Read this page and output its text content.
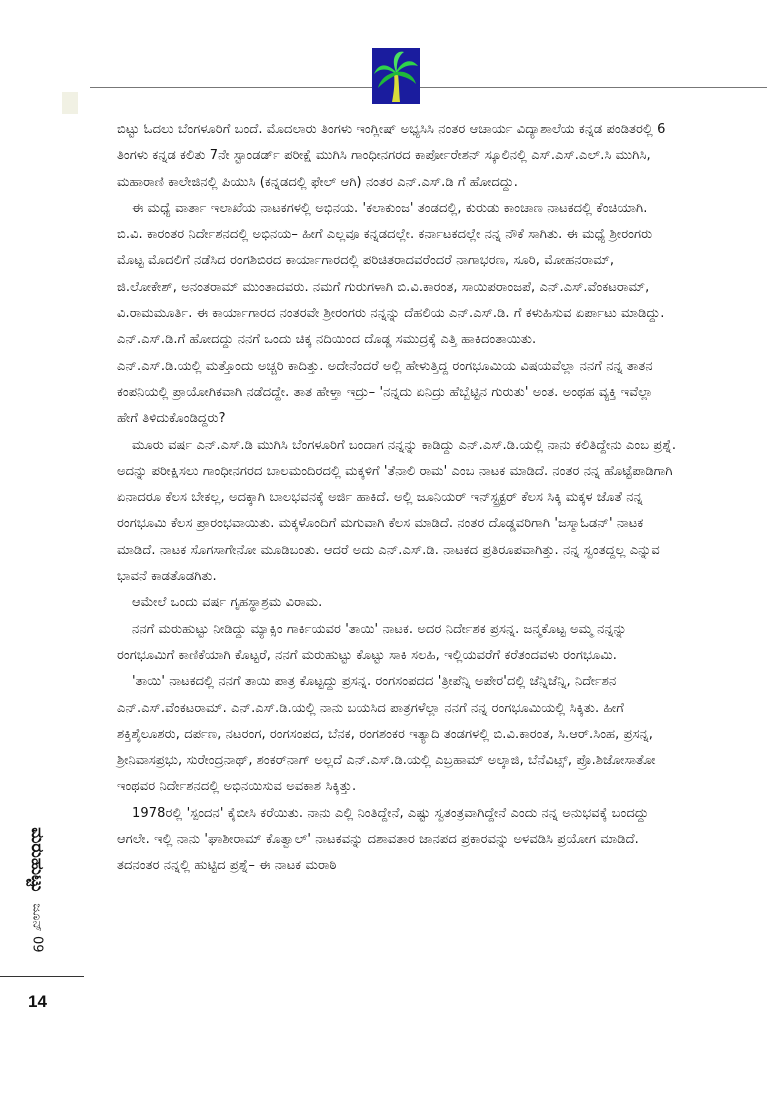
ಬಿಟ್ಟು ಓದಲು ಬೆಂಗಳೂರಿಗೆ ಬಂದೆ. ಮೊದಲಾರು ತಿಂಗಳು ಇಂಗ್ಲೀಷ್ ಅಭ್ಯಸಿಸಿ ನಂತರ ಆಚಾರ್ಯ ವಿದ್ಯಾಶಾಲೆಯ ಕನ್ನಡ ಪಂಡಿತರಲ್ಲಿ 6 ತಿಂಗಳು ಕನ್ನಡ ಕಲಿತು 7ನೇ ಸ್ಟಾಂಡರ್ಡ್ ಪರೀಕ್ಷೆ ಮುಗಿಸಿ ಗಾಂಧೀನಗರದ ಕಾರ್ಪೋರೇಶನ್ ಸ್ಕೂಲಿನಲ್ಲಿ ಎಸ್.ಎಸ್.ಎಲ್.ಸಿ ಮುಗಿಸಿ, ಮಹಾರಾಣಿ ಕಾಲೇಜಿನಲ್ಲಿ ಪಿಯುಸಿ (ಕನ್ನಡದಲ್ಲಿ ಫೇಲ್ ಆಗಿ) ನಂತರ ಎನ್.ಎಸ್.ಡಿ ಗೆ ಹೋದದ್ದು.

ಈ ಮಧ್ಯೆ ವಾರ್ತಾ ಇಲಾಖೆಯ ನಾಟಕಗಳಲ್ಲಿ ಅಭಿನಯ. 'ಕಲಾಕುಂಜ' ತಂಡದಲ್ಲಿ, ಕುರುಡು ಕಾಂಚಾಣ ನಾಟಕದಲ್ಲಿ ಕೆಂಚಿಯಾಗಿ. ಬಿ.ವಿ. ಕಾರಂತರ ನಿರ್ದೇಶನದಲ್ಲಿ ಅಭಿನಯ– ಹೀಗೆ ಎಲ್ಲವೂ ಕನ್ನಡದಲ್ಲೇ. ಕರ್ನಾಟಕದಲ್ಲೇ ನನ್ನ ನೌಕೆ ಸಾಗಿತು. ಈ ಮಧ್ಯೆ ಶ್ರೀರಂಗರು ಮೊಟ್ಟ ಮೊದಲಿಗೆ ನಡೆಸಿದ ರಂಗಶಿಬಿರದ ಕಾರ್ಯಾಗಾರದಲ್ಲಿ ಪರಿಚಿತರಾದವರೆಂದರೆ ನಾಗಾಭರಣ, ಸೂರಿ, ಮೋಹನರಾಮ್, ಜಿ.ಲೋಕೇಶ್, ಅನಂತರಾಮ್ ಮುಂತಾದವರು. ನಮಗೆ ಗುರುಗಳಾಗಿ ಬಿ.ವಿ.ಕಾರಂತ, ಸಾಯಿಪರಾಂಜಪೆ, ಎನ್.ಎಸ್.ವೆಂಕಟರಾಮ್, ವಿ.ರಾಮಮೂರ್ತಿ. ಈ ಕಾರ್ಯಾಗಾರದ ನಂತರವೇ ಶ್ರೀರಂಗರು ನನ್ನನ್ನು ದೆಹಲಿಯ ಎನ್.ಎಸ್.ಡಿ. ಗೆ ಕಳುಹಿಸುವ ಏರ್ಪಾಟು ಮಾಡಿದ್ದು. ಎನ್.ಎಸ್.ಡಿ.ಗೆ ಹೋದದ್ದು ನನಗೆ ಒಂದು ಚಿಕ್ಕ ನದಿಯಿಂದ ದೊಡ್ಡ ಸಮುದ್ರಕ್ಕೆ ಎತ್ತಿ ಹಾಕಿದಂತಾಯಿತು.

ಎನ್.ಎಸ್.ಡಿ.ಯಲ್ಲಿ ಮತ್ತೊಂದು ಅಚ್ಚರಿ ಕಾದಿತ್ತು. ಅದೇನೆಂದರೆ ಅಲ್ಲಿ ಹೇಳುತ್ತಿದ್ದ ರಂಗಭೂಮಿಯ ವಿಷಯವೆಲ್ಲಾ ನನಗೆ ನನ್ನ ತಾತನ ಕಂಪನಿಯಲ್ಲಿ ಪ್ರಾಯೋಗಿಕವಾಗಿ ನಡೆದದ್ದೇ. ತಾತ ಹೇಳ್ತಾ ಇದ್ರು– 'ನನ್ನದು ಏನಿದ್ರು ಹೆಬ್ಬೆಟ್ಟಿನ ಗುರುತು' ಅಂತ. ಅಂಥಹ ವ್ಯಕ್ತಿ ಇವೆಲ್ಲಾ ಹೇಗೆ ತಿಳಿದುಕೊಂಡಿದ್ದರು?

ಮೂರು ವರ್ಷ ಎನ್.ಎಸ್.ಡಿ ಮುಗಿಸಿ ಬೆಂಗಳೂರಿಗೆ ಬಂದಾಗ ನನ್ನನ್ನು ಕಾಡಿದ್ದು ಎನ್.ಎಸ್.ಡಿ.ಯಲ್ಲಿ ನಾನು ಕಲಿತಿದ್ದೇನು ಎಂಬ ಪ್ರಶ್ನೆ. ಅದನ್ನು ಪರೀಕ್ಷಿಸಲು ಗಾಂಧೀನಗರದ ಬಾಲಮಂದಿರದಲ್ಲಿ ಮಕ್ಕಳಿಗೆ 'ತೆನಾಲಿ ರಾಮ' ಎಂಬ ನಾಟಕ ಮಾಡಿದೆ. ನಂತರ ನನ್ನ ಹೊಟ್ಟೆಪಾಡಿಗಾಗಿ ಏನಾದರೂ ಕೆಲಸ ಬೇಕಲ್ಲ, ಅದಕ್ಕಾಗಿ ಬಾಲಭವನಕ್ಕೆ ಅರ್ಜಿ ಹಾಕಿದೆ. ಅಲ್ಲಿ ಜೂನಿಯರ್ ಇನ್‌ಸ್ಟ್ರಕ್ಟರ್ ಕೆಲಸ ಸಿಕ್ಕಿ ಮಕ್ಕಳ ಜೊತೆ ನನ್ನ ರಂಗಭೂಮಿ ಕೆಲಸ ಪ್ರಾರಂಭವಾಯಿತು. ಮಕ್ಕಳೊಂದಿಗೆ ಮಗುವಾಗಿ ಕೆಲಸ ಮಾಡಿದೆ. ನಂತರ ದೊಡ್ಡವರಿಗಾಗಿ 'ಜಸ್ಮಾಓಡನ್' ನಾಟಕ ಮಾಡಿದೆ. ನಾಟಕ ಸೊಗಸಾಗೇನೋ ಮೂಡಿಬಂತು. ಆದರೆ ಅದು ಎನ್.ಎಸ್.ಡಿ. ನಾಟಕದ ಪ್ರತಿರೂಪವಾಗಿತ್ತು. ನನ್ನ ಸ್ವಂತದ್ದಲ್ಲ ಎನ್ನುವ ಭಾವನೆ ಕಾಡತೊಡಗಿತು.

ಆಮೇಲೆ ಒಂದು ವರ್ಷ ಗೃಹಸ್ಥಾಶ್ರಮ ವಿರಾಮ.

ನನಗೆ ಮರುಹುಟ್ಟು ನೀಡಿದ್ದು ಮ್ಯಾಕ್ಸಿಂ ಗಾರ್ಕಿಯವರ 'ತಾಯಿ' ನಾಟಕ. ಅದರ ನಿರ್ದೇಶಕ ಪ್ರಸನ್ನ. ಜನ್ಮಕೊಟ್ಟ ಅಮ್ಮ ನನ್ನನ್ನು ರಂಗಭೂಮಿಗೆ ಕಾಣಿಕೆಯಾಗಿ ಕೊಟ್ಟರೆ, ನನಗೆ ಮರುಹುಟ್ಟು ಕೊಟ್ಟು ಸಾಕಿ ಸಲಹಿ, ಇಲ್ಲಿಯವರೆಗೆ ಕರೆತಂದವಳು ರಂಗಭೂಮಿ.

'ತಾಯಿ' ನಾಟಕದಲ್ಲಿ ನನಗೆ ತಾಯಿ ಪಾತ್ರ ಕೊಟ್ಟದ್ದು ಪ್ರಸನ್ನ. ರಂಗಸಂಪದದ 'ತ್ರೀಪೆನ್ನಿ ಅಪೇರ'ದಲ್ಲಿ ಜೆನ್ನಿಜೆನ್ನಿ, ನಿರ್ದೇಶನ ಎನ್.ಎಸ್.ವೆಂಕಟರಾಮ್. ಎನ್.ಎಸ್.ಡಿ.ಯಲ್ಲಿ ನಾನು ಬಯಸಿದ ಪಾತ್ರಗಳೆಲ್ಲಾ ನನಗೆ ನನ್ನ ರಂಗಭೂಮಿಯಲ್ಲಿ ಸಿಕ್ಕಿತು. ಹೀಗೆ ಶಕ್ತಿಶೈಲೂಶರು, ದರ್ಪಣ, ನಟರಂಗ, ರಂಗಸಂಪದ, ಬೆನಕ, ರಂಗಶಂಕರ ಇತ್ಯಾದಿ ತಂಡಗಳಲ್ಲಿ ಬಿ.ವಿ.ಕಾರಂತ, ಸಿ.ಆರ್.ಸಿಂಹ, ಪ್ರಸನ್ನ, ಶ್ರೀನಿವಾಸಪ್ರಭು, ಸುರೇಂದ್ರನಾಥ್, ಶಂಕರ್‌ನಾಗ್ ಅಲ್ಲದೆ ಎನ್.ಎಸ್.ಡಿ.ಯಲ್ಲಿ ಎಬ್ರಹಾಮ್ ಅಲ್ಕಾಜಿ, ಬೆನೆವಿಟ್ಸ್, ಪ್ರೊ.ಶಿಜೋಸಾತೋ ಇಂಥವರ ನಿರ್ದೇಶನದಲ್ಲಿ ಅಭಿನಯಿಸುವ ಅವಕಾಶ ಸಿಕ್ಕಿತ್ತು.

1978ರಲ್ಲಿ 'ಸ್ಪಂದನ' ಕೈಬೀಸಿ ಕರೆಯಿತು. ನಾನು ಎಲ್ಲಿ ನಿಂತಿದ್ದೇನೆ, ಎಷ್ಟು ಸ್ವತಂತ್ರವಾಗಿದ್ದೇನೆ ಎಂದು ನನ್ನ ಅನುಭವಕ್ಕೆ ಬಂದದ್ದು ಆಗಲೇ. ಇಲ್ಲಿ ನಾನು 'ಘಾಶೀರಾಮ್ ಕೊತ್ವಾಲ್' ನಾಟಕವನ್ನು ದಶಾವತಾರ ಜಾನಪದ ಪ್ರಕಾರವನ್ನು ಅಳವಡಿಸಿ ಪ್ರಯೋಗ ಮಾಡಿದೆ. ತದನಂತರ ನನ್ನಲ್ಲಿ ಹುಟ್ಟಿದ ಪ್ರಶ್ನೆ– ಈ ನಾಟಕ ಮರಾಠಿ

ಮರುಹುಟ್ಟು
ಜೂನ್ 09
14
